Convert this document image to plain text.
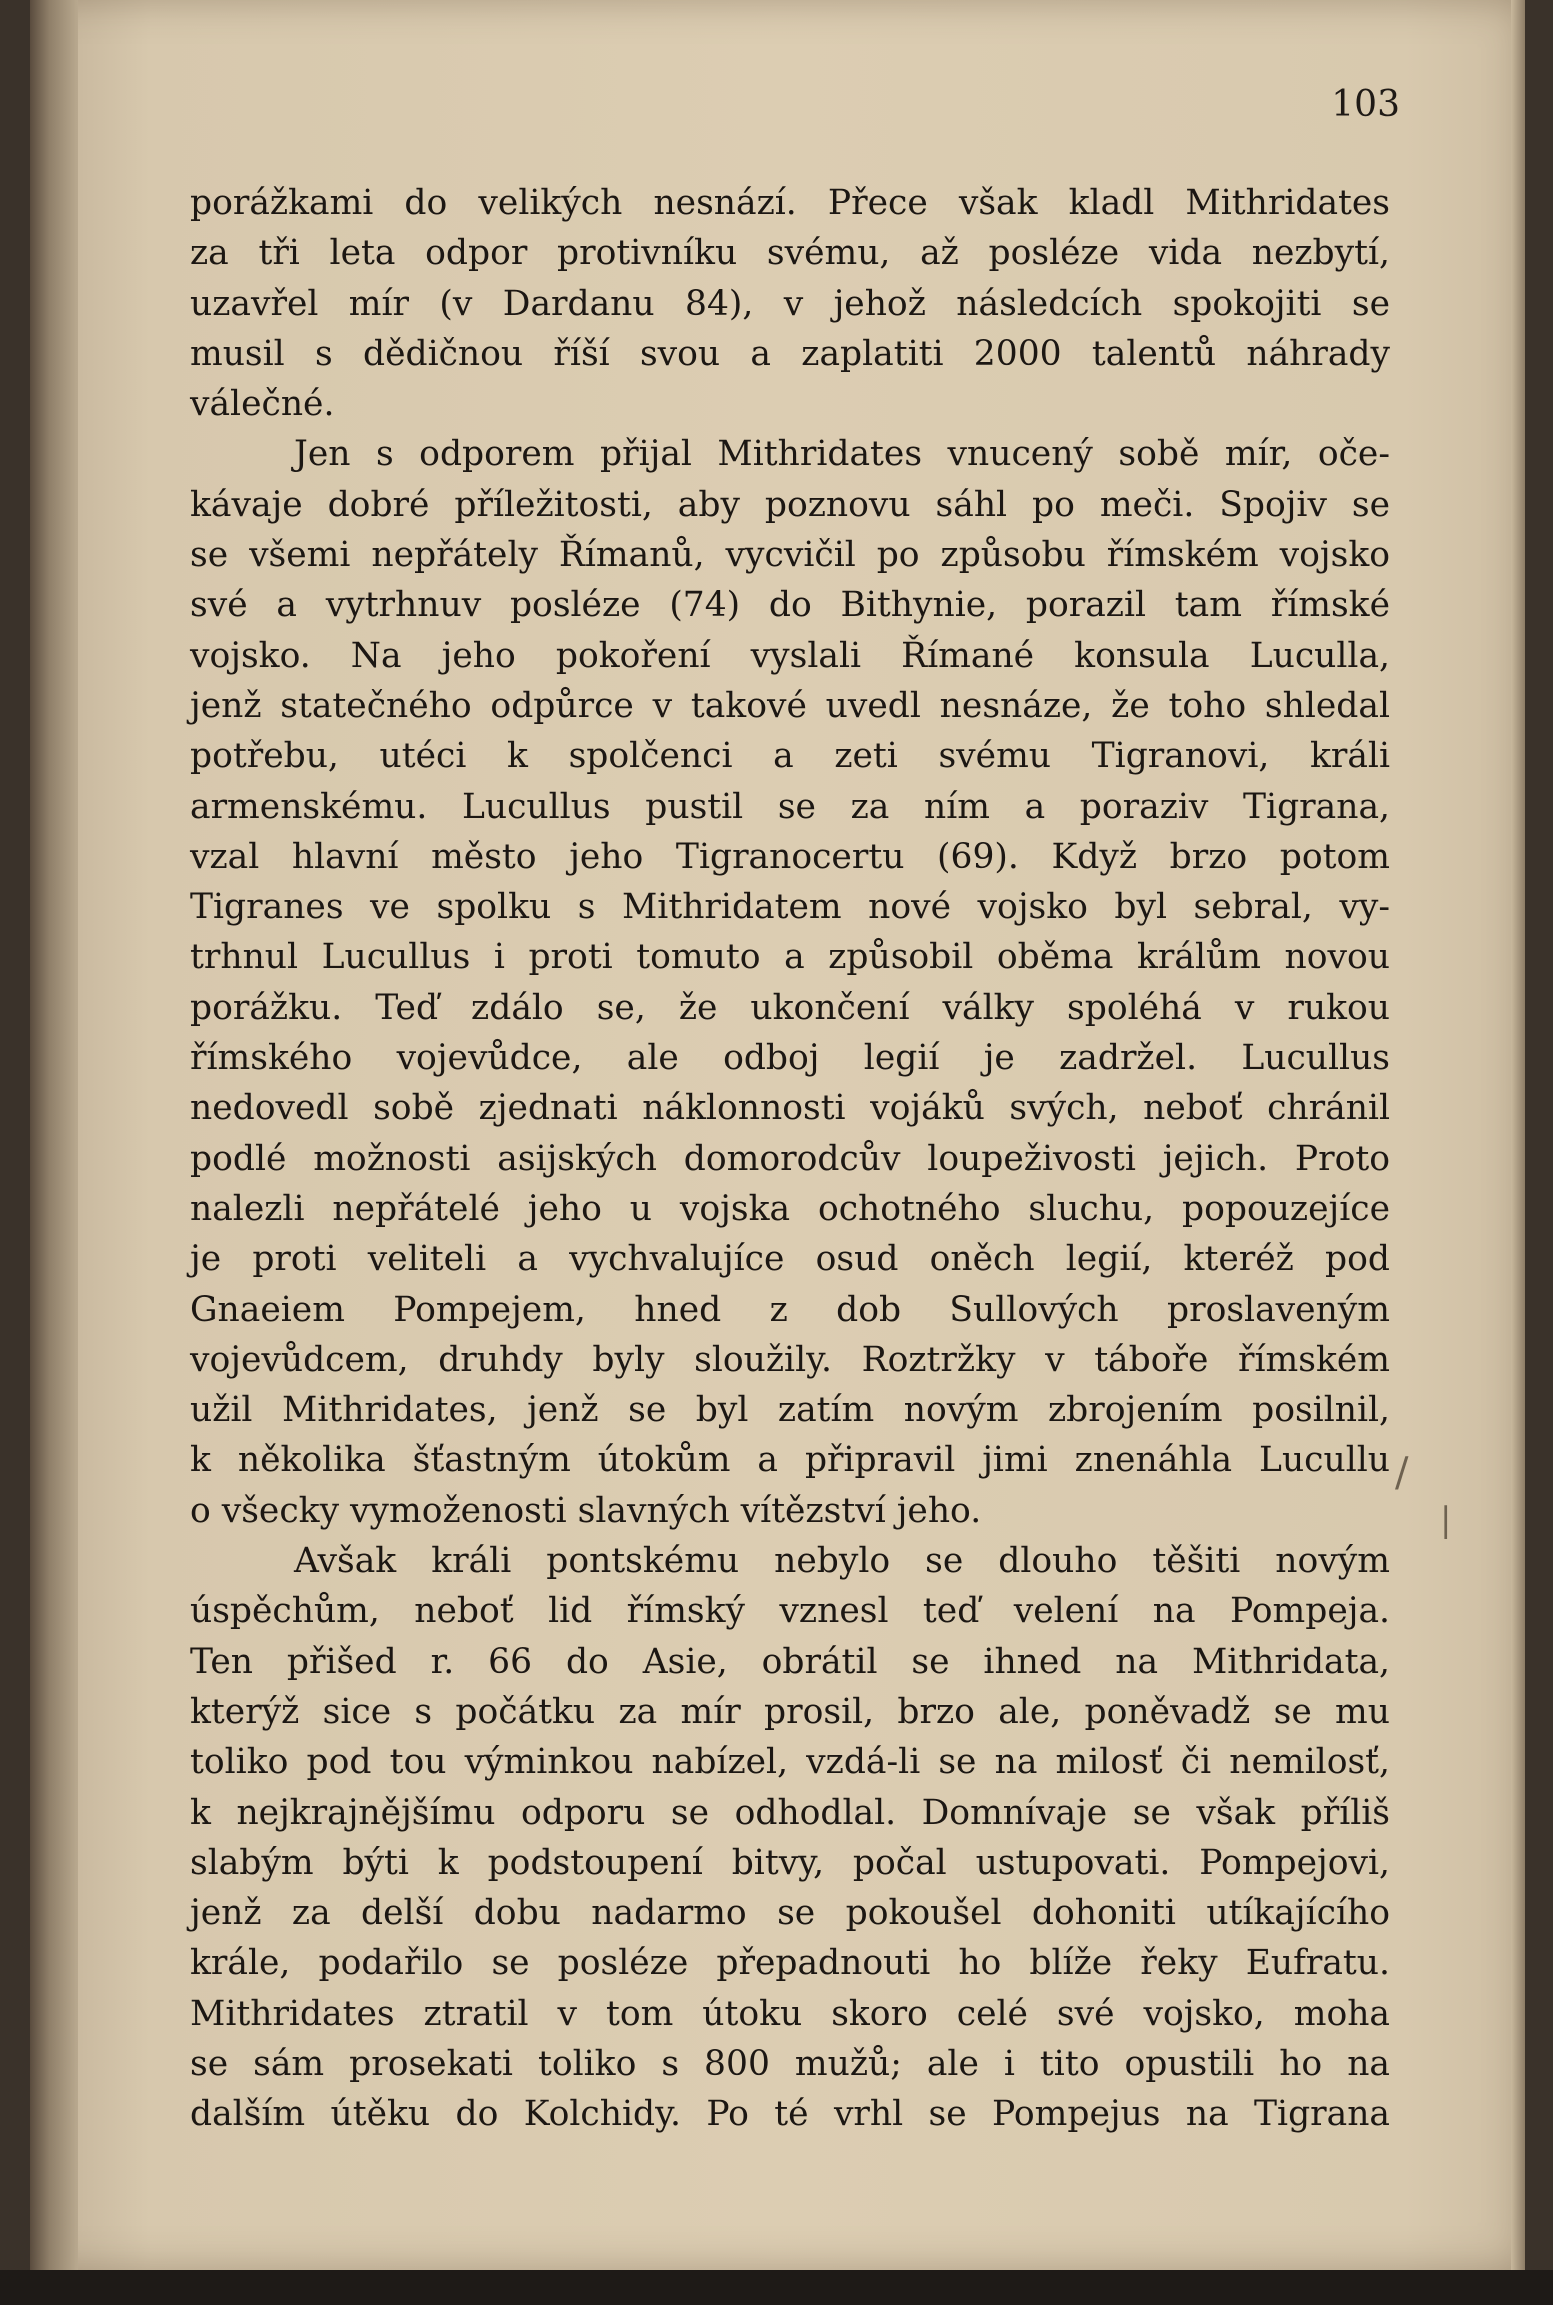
103
/
|
porážkami do velikých nesnází. Přece však kladl Mithridates
za tři leta odpor protivníku svému, až posléze vida nezbytí,
uzavřel mír (v Dardanu 84), v jehož následcích spokojiti se
musil s dědičnou říší svou a zaplatiti 2000 talentů náhrady
válečné.
Jen s odporem přijal Mithridates vnucený sobě mír, oče-
kávaje dobré příležitosti, aby poznovu sáhl po meči. Spojiv se
se všemi nepřátely Římanů, vycvičil po způsobu římském vojsko
své a vytrhnuv posléze (74) do Bithynie, porazil tam římské
vojsko. Na jeho pokoření vyslali Římané konsula Luculla,
jenž statečného odpůrce v takové uvedl nesnáze, že toho shledal
potřebu, utéci k spolčenci a zeti svému Tigranovi, králi
armenskému. Lucullus pustil se za ním a poraziv Tigrana,
vzal hlavní město jeho Tigranocertu (69). Když brzo potom
Tigranes ve spolku s Mithridatem nové vojsko byl sebral, vy-
trhnul Lucullus i proti tomuto a způsobil oběma králům novou
porážku. Teď zdálo se, že ukončení války spoléhá v rukou
římského vojevůdce, ale odboj legií je zadržel. Lucullus
nedovedl sobě zjednati náklonnosti vojáků svých, neboť chránil
podlé možnosti asijských domorodcův loupeživosti jejich. Proto
nalezli nepřátelé jeho u vojska ochotného sluchu, popouzejíce
je proti veliteli a vychvalujíce osud oněch legií, kteréž pod
Gnaeiem Pompejem, hned z dob Sullových proslaveným
vojevůdcem, druhdy byly sloužily. Roztržky v táboře římském
užil Mithridates, jenž se byl zatím novým zbrojením posilnil,
k několika šťastným útokům a připravil jimi znenáhla Lucullu
o všecky vymoženosti slavných vítězství jeho.
Avšak králi pontskému nebylo se dlouho těšiti novým
úspěchům, neboť lid římský vznesl teď velení na Pompeja.
Ten přišed r. 66 do Asie, obrátil se ihned na Mithridata,
kterýž sice s počátku za mír prosil, brzo ale, poněvadž se mu
toliko pod tou výminkou nabízel, vzdá-li se na milosť či nemilosť,
k nejkrajnějšímu odporu se odhodlal. Domnívaje se však příliš
slabým býti k podstoupení bitvy, počal ustupovati. Pompejovi,
jenž za delší dobu nadarmo se pokoušel dohoniti utíkajícího
krále, podařilo se posléze přepadnouti ho blíže řeky Eufratu.
Mithridates ztratil v tom útoku skoro celé své vojsko, moha
se sám prosekati toliko s 800 mužů; ale i tito opustili ho na
dalším útěku do Kolchidy. Po té vrhl se Pompejus na Tigrana
